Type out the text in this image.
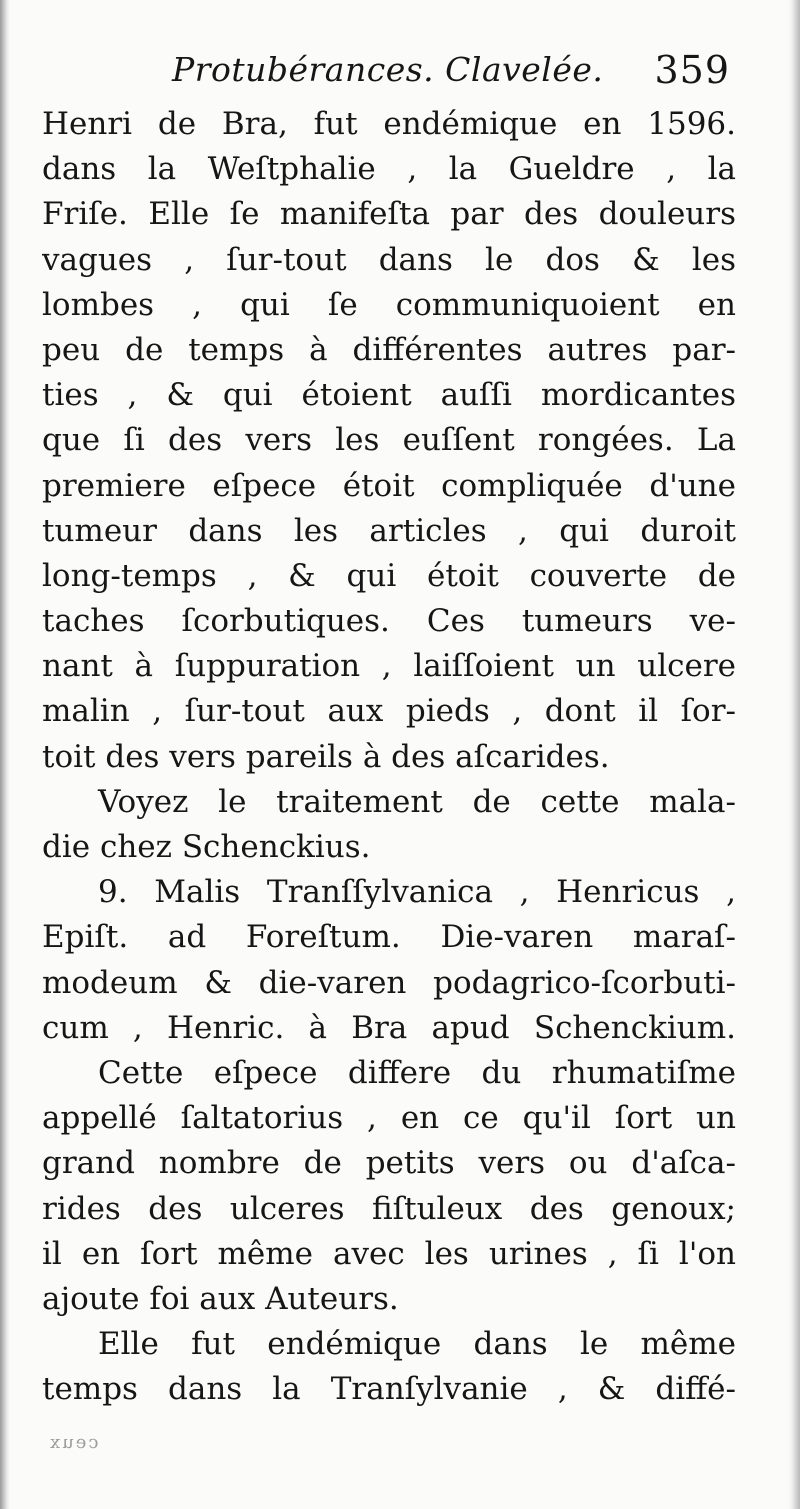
Protubérances. Clavelée. 359
Henri de Bra, fut endémique en 1596.
dans la Weſtphalie , la Gueldre , la
Friſe. Elle ſe manifeſta par des douleurs
vagues , ſur-tout dans le dos & les
lombes , qui ſe communiquoient en
peu de temps à différentes autres par-
ties , & qui étoient auſſi mordicantes
que ſi des vers les euſſent rongées. La
premiere eſpece étoit compliquée d'une
tumeur dans les articles , qui duroit
long-temps , & qui étoit couverte de
taches ſcorbutiques. Ces tumeurs ve-
nant à ſuppuration , laiſſoient un ulcere
malin , ſur-tout aux pieds , dont il ſor-
toit des vers pareils à des aſcarides.
Voyez le traitement de cette mala-
die chez Schenckius.
9. Malis Tranſſylvanica , Henricus ,
Epiſt. ad Foreſtum. Die-varen maraſ-
modeum & die-varen podagrico-ſcorbuti-
cum , Henric. à Bra apud Schenckium.
Cette eſpece differe du rhumatiſme
appellé ſaltatorius , en ce qu'il ſort un
grand nombre de petits vers ou d'aſca-
rides des ulceres fiſtuleux des genoux;
il en ſort même avec les urines , ſi l'on
ajoute foi aux Auteurs.
Elle fut endémique dans le même
temps dans la Tranſylvanie , & diffé-
ceux
